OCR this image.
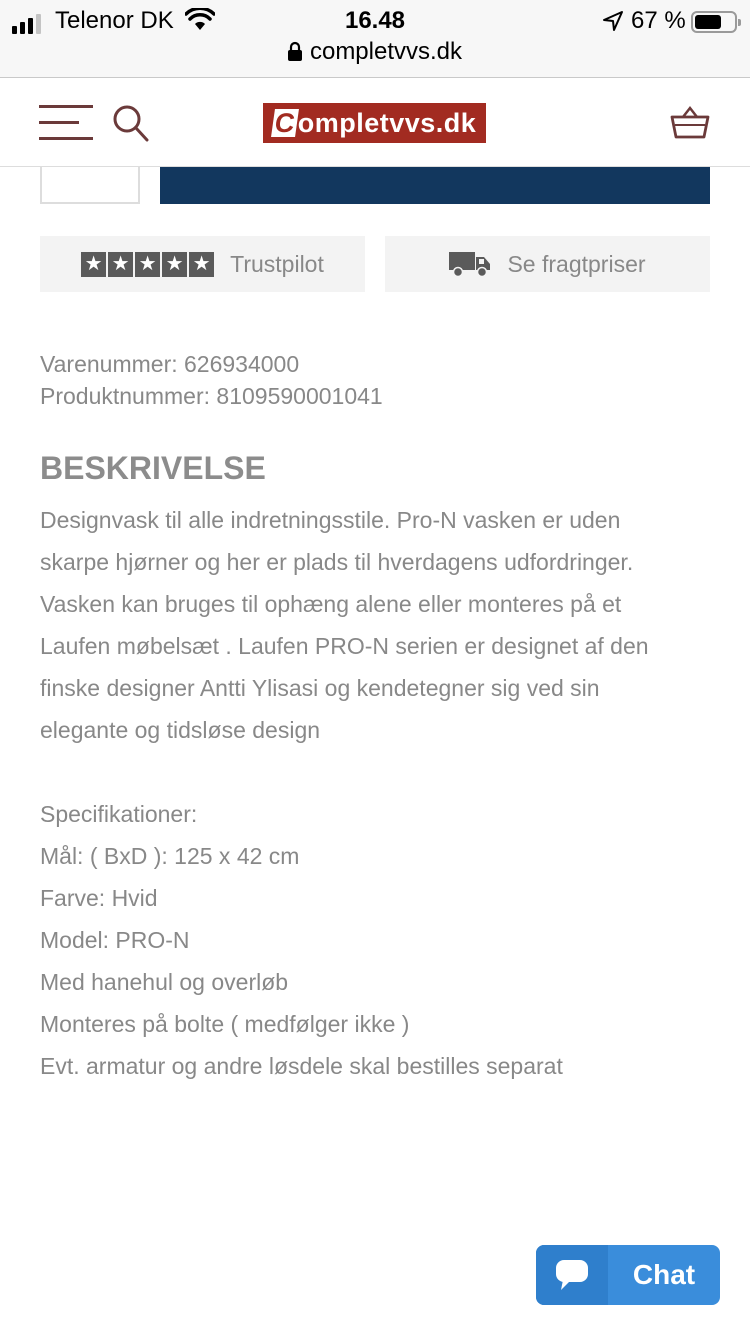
Telenor DK	16.48	67 %
completvvs.dk
Completvvs.dk
★ ★ ★ ★ ★ Trustpilot	Se fragtpriser
Varenummer: 626934000
Produktnummer: 8109590001041
BESKRIVELSE

Designvask til alle indretningsstile. Pro-N vasken er uden

skarpe hjørner og her er plads til hverdagens udfordringer.

Vasken kan bruges til ophæng alene eller monteres på et

Laufen møbelsæt . Laufen PRO-N serien er designet af den

finske designer Antti Ylisasi og kendetegner sig ved sin

elegante og tidsløse design

Specifikationer:
Mål: ( BxD ): 125 x 42 cm
Farve: Hvid
Model: PRO-N
Med hanehul og overløb
Monteres på bolte ( medfølger ikke )
Evt. armatur og andre løsdele skal bestilles separat
Chat
